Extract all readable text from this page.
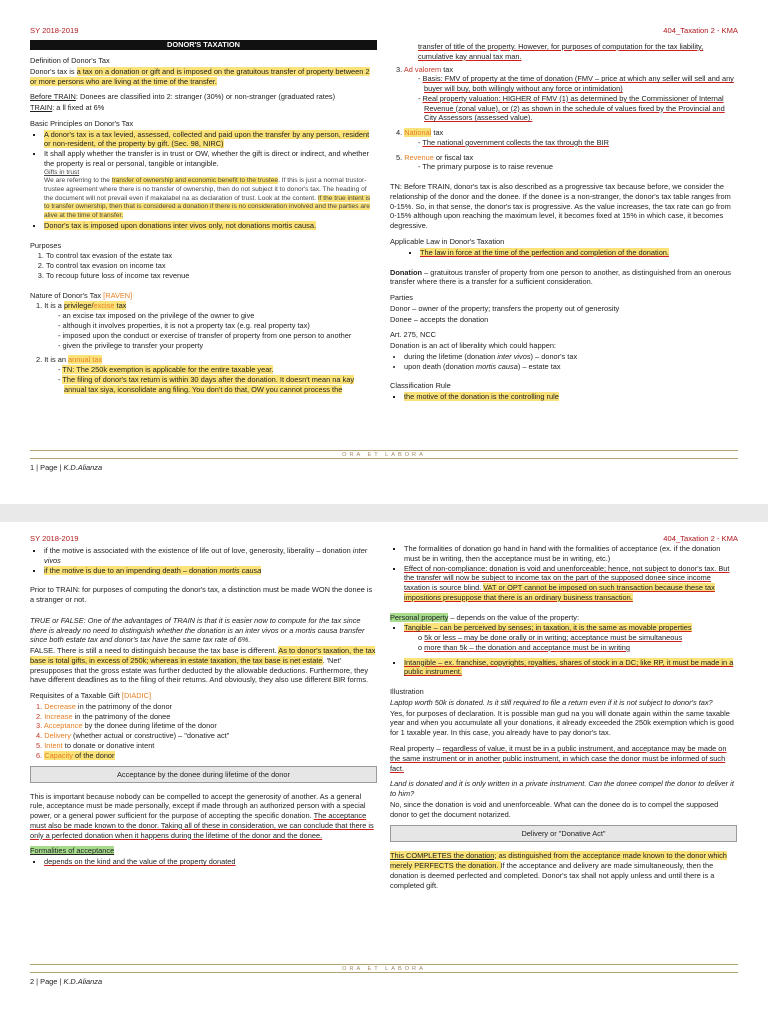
SY 2018-2019	404_Taxation 2 - KMA
DONOR'S TAXATION

Definition of Donor's Tax

Donor's tax is a tax on a donation or gift and is imposed on the gratuitous transfer of property between 2 or more persons who are living at the time of the transfer.

Before TRAIN: Donees are classified into 2: stranger (30%) or non-stranger (graduated rates)

TRAIN: a ll fixed at 6%

Basic Principles on Donor's Tax

▪ A donor's tax is a tax levied, assessed, collected and paid upon the transfer by any person, resident or non-resident, of the property by gift. (Sec. 98, NIRC)
▪ It shall apply whether the transfer is in trust or OW, whether the gift is direct or indirect, and whether the property is real or personal, tangible or intangible.
Gifts in trust
We are referring to the transfer of ownership and economic benefit to the trustee. If this is just a normal trustor-trustee agreement where there is no transfer of ownership, then do not subject it to donor's tax. The heading of the document will not prevail even if makalabel na as declaration of trust. Look at the content. If the true intent is to transfer ownership, then that is considered a donation if there is no consideration involved and the parties are alive at the time of transfer.
▪ Donor's tax is imposed upon donations inter vivos only, not donations mortis causa.

Purposes

1. To control tax evasion of the estate tax
2. To control tax evasion on income tax
3. To recoup future loss of income tax revenue

Nature of Donor's Tax [RAVEN]

1. It is a privilege/excise tax
- an excise tax imposed on the privilege of the owner to give
- although it involves properties, it is not a property tax (e.g. real property tax)
- imposed upon the conduct or exercise of transfer of property from one person to another
- given the privilege to transfer your property
2. It is an annual tax
- TN: The 250k exemption is applicable for the entire taxable year.
- The filing of donor's tax return is within 30 days after the donation. It doesn't mean na kay annual tax siya, iconsolidate ang filing. You don't do that, OW you cannot process the

transfer of title of the property. However, for purposes of computation for the tax liability, cumulative kay annual tax man.

3. Ad valorem tax
- Basis: FMV of property at the time of donation (FMV – price at which any seller will sell and any buyer will buy, both willingly without any force or intimidation)
- Real property valuation: HIGHER of FMV (1) as determined by the Commissioner of Internal Revenue (zonal value), or (2) as shown in the schedule of values fixed by the Provincial and City Assessors (assessed value).
4. National tax
- The national government collects the tax through the BIR
5. Revenue or fiscal tax
- The primary purpose is to raise revenue

TN: Before TRAIN, donor's tax is also described as a progressive tax because before, we consider the relationship of the donor and the donee. If the donee is a non-stranger, the donor's tax table ranges from 0-15%. So, in that sense, the donor's tax is progressive. As the value increases, the tax rate can go from 0-15% although upon reaching the maximum level, it becomes fixed at 15% in which case, it becomes degressive.

Applicable Law in Donor's Taxation

▪ The law in force at the time of the perfection and completion of the donation.

Donation – gratuitous transfer of property from one person to another, as distinguished from an onerous transfer where there is a transfer for a sufficient consideration.

Parties

Donor – owner of the property; transfers the property out of generosity

Donee – accepts the donation

Art. 275, NCC

Donation is an act of liberality which could happen:

• during the lifetime (donation inter vivos) – donor's tax
• upon death (donation mortis causa) – estate tax

Classification Rule

▪ the motive of the donation is the controlling rule
ORA ET LABORA
1 | Page | K.D.Alianza
SY 2018-2019	404_Taxation 2 - KMA
▪ if the motive is associated with the existence of life out of love, generosity, liberality – donation inter vivos
▪ if the motive is due to an impending death – donation mortis causa

Prior to TRAIN: for purposes of computing the donor's tax, a distinction must be made WON the donee is a stranger or not.

TRUE or FALSE: One of the advantages of TRAIN is that it is easier now to compute for the tax since there is already no need to distinguish whether the donation is an inter vivos or a mortis causa transfer since both estate tax and donor's tax have the same tax rate of 6%.

FALSE. There is still a need to distinguish because the tax base is different. As to donor's taxation, the tax base is total gifts, in excess of 250k; whereas in estate taxation, the tax base is net estate. 'Net' presupposes that the gross estate was further deducted by the allowable deductions. Furthermore, they have different deadlines as to the filing of their returns. And obviously, they also use different BIR forms.

Requisites of a Taxable Gift [DIADIC]

1. Decrease in the patrimony of the donor
2. Increase in the patrimony of the donee
3. Acceptance by the donee during lifetime of the donor
4. Delivery (whether actual or constructive) – "donative act"
5. Intent to donate or donative intent
6. Capacity of the donor
Acceptance by the donee during lifetime of the donor

This is important because nobody can be compelled to accept the generosity of another. As a general rule, acceptance must be made personally, except if made through an authorized person with a special power, or a general power sufficient for the purpose of accepting the specific donation. The acceptance must also be made known to the donor. Taking all of these in consideration, we can conclude that there is only a perfected donation when it happens during the lifetime of the donor and the donee.

Formalities of acceptance

▪ depends on the kind and the value of the property donated
▪ The formalities of donation go hand in hand with the formalities of acceptance (ex. if the donation must be in writing, then the acceptance must be in writing, etc.)
▪ Effect of non-compliance: donation is void and unenforceable; hence, not subject to donor's tax. But the transfer will now be subject to income tax on the part of the supposed donee since income taxation is source blind. VAT or OPT cannot be imposed on such transaction because these tax impositions presuppose that there is an ordinary business transaction.

Personal property – depends on the value of the property:

▪ Tangible – can be perceived by senses; in taxation, it is the same as movable properties
o 5k or less – may be done orally or in writing; acceptance must be simultaneous
o more than 5k – the donation and acceptance must be in writing
▪ Intangible – ex. franchise, copyrights, royalties, shares of stock in a DC; like RP, it must be made in a public instrument.

Illustration

Laptop worth 50k is donated. Is it still required to file a return even if it is not subject to donor's tax?

Yes, for purposes of declaration. It is possible man gud na you will donate again within the same taxable year and when you accumulate all your donations, it already exceeded the 250k exemption which is good for 1 taxable year. In this case, you already have to pay donor's tax.

Real property – regardless of value, it must be in a public instrument, and acceptance may be made on the same instrument or in another public instrument, in which case the donor must be informed of such fact.

Land is donated and it is only written in a private instrument. Can the donee compel the donor to deliver it to him?

No, since the donation is void and unenforceable. What can the donee do is to compel the supposed donor to get the document notarized.

Delivery or "Donative Act"

This COMPLETES the donation; as distinguished from the acceptance made known to the donor which merely PERFECTS the donation. If the acceptance and delivery are made simultaneously, then the donation is deemed perfected and completed. Donor's tax shall not apply unless and until there is a completed gift.

ORA ET LABORA
2 | Page | K.D.Alianza
